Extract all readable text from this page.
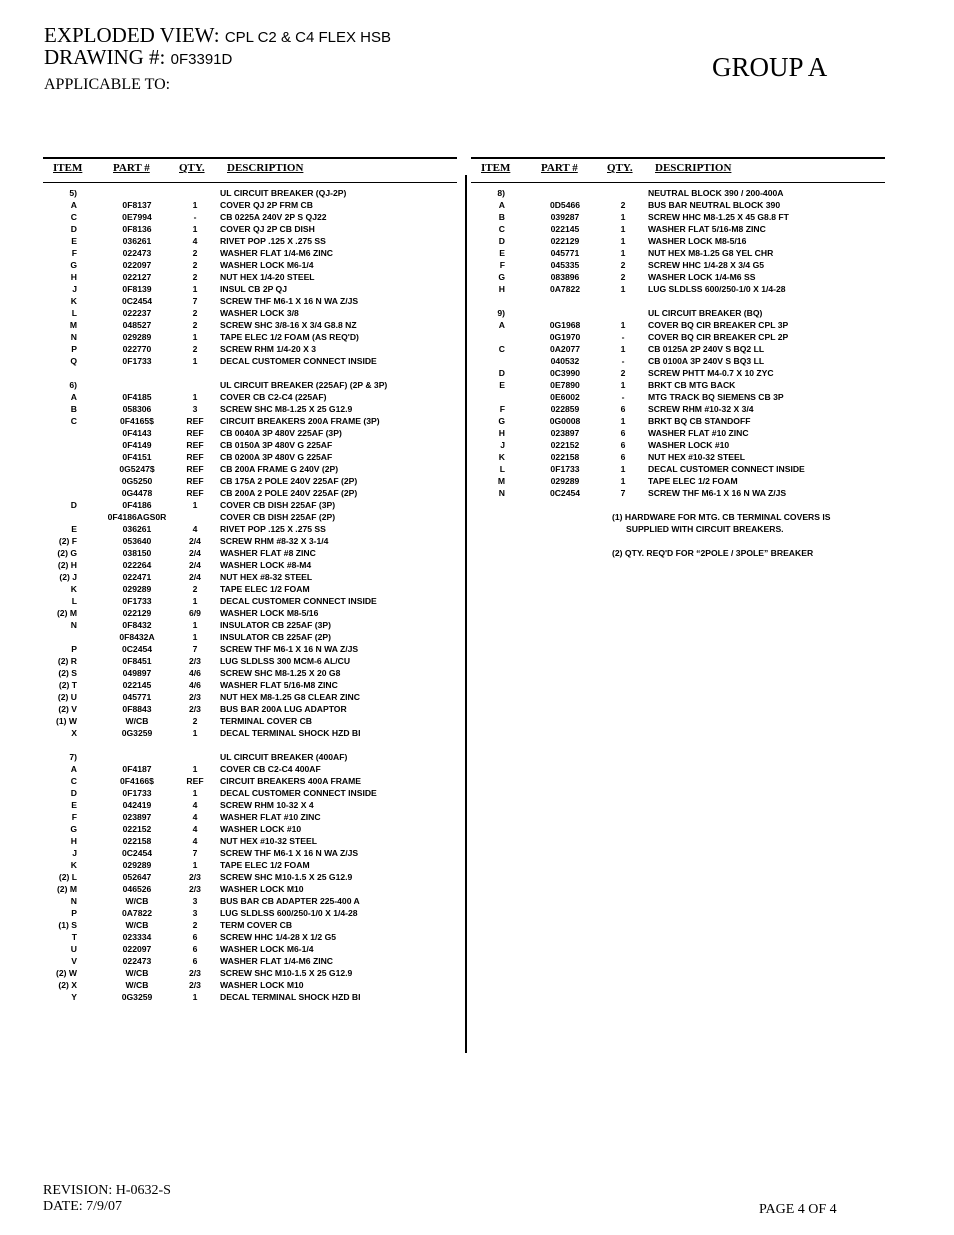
EXPLODED VIEW: CPL C2 & C4 FLEX HSB
DRAWING #: 0F3391D
APPLICABLE TO:
GROUP A
ITEM	PART #	QTY. DESCRIPTION
5)	UL CIRCUIT BREAKER (QJ-2P)
A	0F8137	1	COVER QJ 2P FRM CB
C	0E7994	-	CB 0225A 240V 2P S QJ22
D	0F8136	1	COVER QJ 2P CB DISH
E	036261	4	RIVET POP .125 X .275 SS
F	022473	2	WASHER FLAT 1/4-M6 ZINC
G	022097	2	WASHER LOCK M6-1/4
H	022127	2	NUT HEX 1/4-20 STEEL
J	0F8139	1	INSUL CB 2P QJ
K	0C2454	7	SCREW THF M6-1 X 16 N WA Z/JS
L	022237	2	WASHER LOCK 3/8
M	048527	2	SCREW SHC 3/8-16 X 3/4 G8.8 NZ
N	029289	1	TAPE ELEC 1/2 FOAM (AS REQ'D)
P	022770	2	SCREW RHM 1/4-20 X 3
Q	0F1733	1	DECAL CUSTOMER CONNECT INSIDE
6)	UL CIRCUIT BREAKER (225AF) (2P & 3P)
A	0F4185	1	COVER CB C2-C4 (225AF)
B	058306	3	SCREW SHC M8-1.25 X 25 G12.9
C	0F4165$	REF	CIRCUIT BREAKERS 200A FRAME (3P)
0F4143	REF	CB 0040A 3P 480V 225AF (3P)
0F4149	REF	CB 0150A 3P 480V G 225AF
0F4151	REF	CB 0200A 3P 480V G 225AF
0G5247$	REF	CB 200A FRAME G 240V (2P)
0G5250	REF	CB 175A 2 POLE 240V 225AF (2P)
0G4478	REF	CB 200A 2 POLE 240V 225AF (2P)
D	0F4186	1	COVER CB DISH 225AF (3P)
0F4186AGS0R	COVER CB DISH 225AF (2P)
E	036261	4	RIVET POP .125 X .275 SS
(2) F	053640	2/4	SCREW RHM #8-32 X 3-1/4
(2) G	038150	2/4	WASHER FLAT #8 ZINC
(2) H	022264	2/4	WASHER LOCK #8-M4
(2) J	022471	2/4	NUT HEX #8-32 STEEL
K	029289	2	TAPE ELEC 1/2 FOAM
L	0F1733	1	DECAL CUSTOMER CONNECT INSIDE
(2) M	022129	6/9	WASHER LOCK M8-5/16
N	0F8432	1	INSULATOR CB 225AF (3P)
0F8432A	1	INSULATOR CB 225AF (2P)
P	0C2454	7	SCREW THF M6-1 X 16 N WA Z/JS
(2) R	0F8451	2/3	LUG SLDLSS 300 MCM-6 AL/CU
(2) S	049897	4/6	SCREW SHC M8-1.25 X 20 G8
(2) T	022145	4/6	WASHER FLAT 5/16-M8 ZINC
(2) U	045771	2/3	NUT HEX M8-1.25 G8 CLEAR ZINC
(2) V	0F8843	2/3	BUS BAR 200A LUG ADAPTOR
(1) W	W/CB	2	TERMINAL COVER CB
X	0G3259	1	DECAL TERMINAL SHOCK HZD BI
7)	UL CIRCUIT BREAKER (400AF)
A	0F4187	1	COVER CB C2-C4 400AF
C	0F4166$	REF	CIRCUIT BREAKERS 400A FRAME
D	0F1733	1	DECAL CUSTOMER CONNECT INSIDE
E	042419	4	SCREW RHM 10-32 X 4
F	023897	4	WASHER FLAT #10 ZINC
G	022152	4	WASHER LOCK #10
H	022158	4	NUT HEX #10-32 STEEL
J	0C2454	7	SCREW THF M6-1 X 16 N WA Z/JS
K	029289	1	TAPE ELEC 1/2 FOAM
(2) L	052647	2/3	SCREW SHC M10-1.5 X 25 G12.9
(2) M	046526	2/3	WASHER LOCK M10
N	W/CB	3	BUS BAR CB ADAPTER 225-400 A
P	0A7822	3	LUG SLDLSS 600/250-1/0 X 1/4-28
(1) S	W/CB	2	TERM COVER CB
T	023334	6	SCREW HHC 1/4-28 X 1/2 G5
U	022097	6	WASHER LOCK M6-1/4
V	022473	6	WASHER FLAT 1/4-M6 ZINC
(2) W	W/CB	2/3	SCREW SHC M10-1.5 X 25 G12.9
(2) X	W/CB	2/3	WASHER LOCK M10
Y	0G3259	1	DECAL TERMINAL SHOCK HZD BI
ITEM	PART #	QTY. DESCRIPTION
8)	NEUTRAL BLOCK 390 / 200-400A
A	0D5466	2	BUS BAR NEUTRAL BLOCK 390
B	039287	1	SCREW HHC M8-1.25 X 45 G8.8 FT
C	022145	1	WASHER FLAT 5/16-M8 ZINC
D	022129	1	WASHER LOCK M8-5/16
E	045771	1	NUT HEX M8-1.25 G8 YEL CHR
F	045335	2	SCREW HHC 1/4-28 X 3/4 G5
G	083896	2	WASHER LOCK 1/4-M6 SS
H	0A7822	1	LUG SLDLSS 600/250-1/0 X 1/4-28
9)	UL CIRCUIT BREAKER (BQ)
A	0G1968	1	COVER BQ CIR BREAKER CPL 3P
0G1970	-	COVER BQ CIR BREAKER CPL 2P
C	0A2077	1	CB 0125A 2P 240V S BQ2 LL
040532	-	CB 0100A 3P 240V S BQ3 LL
D	0C3990	2	SCREW PHTT M4-0.7 X 10 ZYC
E	0E7890	1	BRKT CB MTG BACK
0E6002	-	MTG TRACK BQ SIEMENS CB 3P
F	022859	6	SCREW RHM #10-32 X 3/4
G	0G0008	1	BRKT BQ CB STANDOFF
H	023897	6	WASHER FLAT #10 ZINC
J	022152	6	WASHER LOCK #10
K	022158	6	NUT HEX #10-32 STEEL
L	0F1733	1	DECAL CUSTOMER CONNECT INSIDE
M	029289	1	TAPE ELEC 1/2 FOAM
N	0C2454	7	SCREW THF M6-1 X 16 N WA Z/JS
(1) HARDWARE FOR MTG. CB TERMINAL COVERS IS
SUPPLIED WITH CIRCUIT BREAKERS.
(2) QTY. REQ'D FOR “2POLE / 3POLE” BREAKER
REVISION: H-0632-S
DATE: 7/9/07	PAGE 4 OF 4
